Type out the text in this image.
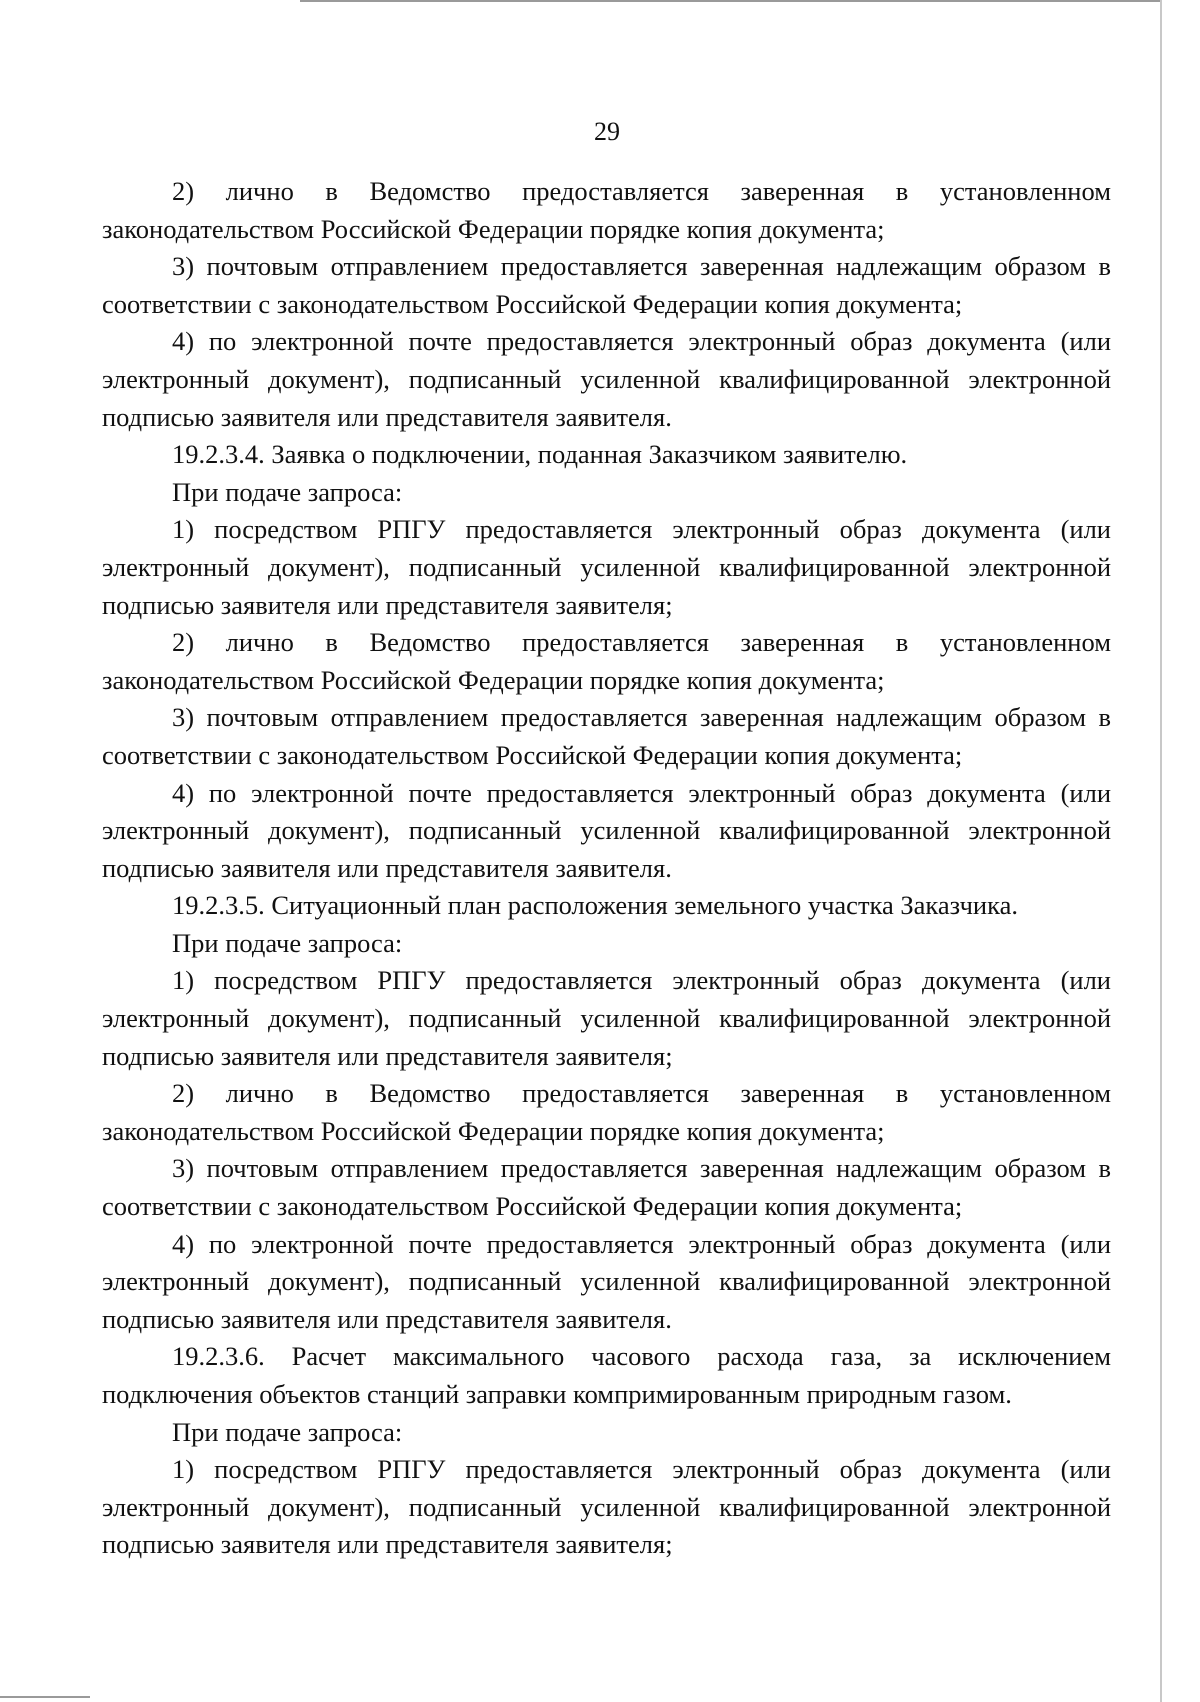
29

2) лично в Ведомство предоставляется заверенная в установленном законодательством Российской Федерации порядке копия документа;

3) почтовым отправлением предоставляется заверенная надлежащим образом в соответствии с законодательством Российской Федерации копия документа;

4) по электронной почте предоставляется электронный образ документа (или электронный документ), подписанный усиленной квалифицированной электронной подписью заявителя или представителя заявителя.

19.2.3.4. Заявка о подключении, поданная Заказчиком заявителю.

При подаче запроса:

1) посредством РПГУ предоставляется электронный образ документа (или электронный документ), подписанный усиленной квалифицированной электронной подписью заявителя или представителя заявителя;

2) лично в Ведомство предоставляется заверенная в установленном законодательством Российской Федерации порядке копия документа;

3) почтовым отправлением предоставляется заверенная надлежащим образом в соответствии с законодательством Российской Федерации копия документа;

4) по электронной почте предоставляется электронный образ документа (или электронный документ), подписанный усиленной квалифицированной электронной подписью заявителя или представителя заявителя.

19.2.3.5. Ситуационный план расположения земельного участка Заказчика.

При подаче запроса:

1) посредством РПГУ предоставляется электронный образ документа (или электронный документ), подписанный усиленной квалифицированной электронной подписью заявителя или представителя заявителя;

2) лично в Ведомство предоставляется заверенная в установленном законодательством Российской Федерации порядке копия документа;

3) почтовым отправлением предоставляется заверенная надлежащим образом в соответствии с законодательством Российской Федерации копия документа;

4) по электронной почте предоставляется электронный образ документа (или электронный документ), подписанный усиленной квалифицированной электронной подписью заявителя или представителя заявителя.

19.2.3.6. Расчет максимального часового расхода газа, за исключением подключения объектов станций заправки компримированным природным газом.

При подаче запроса:

1) посредством РПГУ предоставляется электронный образ документа (или электронный документ), подписанный усиленной квалифицированной электронной подписью заявителя или представителя заявителя;
